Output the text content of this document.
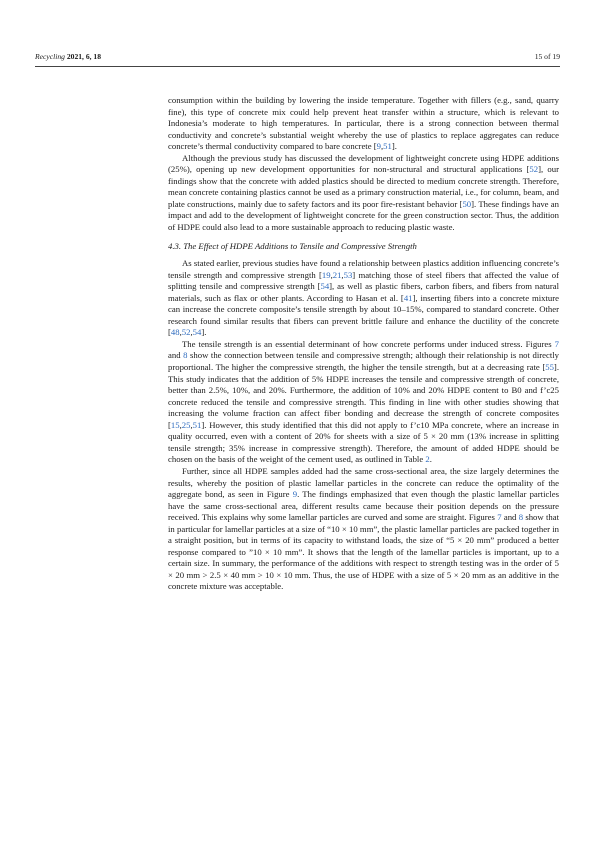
Recycling 2021, 6, 18	15 of 19

consumption within the building by lowering the inside temperature. Together with fillers (e.g., sand, quarry fine), this type of concrete mix could help prevent heat transfer within a structure, which is relevant to Indonesia’s moderate to high temperatures. In particular, there is a strong connection between thermal conductivity and concrete’s substantial weight whereby the use of plastics to replace aggregates can reduce concrete’s thermal conductivity compared to bare concrete [9,51].

Although the previous study has discussed the development of lightweight concrete using HDPE additions (25%), opening up new development opportunities for non-structural and structural applications [52], our findings show that the concrete with added plastics should be directed to medium concrete strength. Therefore, mean concrete containing plastics cannot be used as a primary construction material, i.e., for column, beam, and plate constructions, mainly due to safety factors and its poor fire-resistant behavior [50]. These findings have an impact and add to the development of lightweight concrete for the green construction sector. Thus, the addition of HDPE could also lead to a more sustainable approach to reducing plastic waste.

4.3. The Effect of HDPE Additions to Tensile and Compressive Strength

As stated earlier, previous studies have found a relationship between plastics addition influencing concrete’s tensile strength and compressive strength [19,21,53] matching those of steel fibers that affected the value of splitting tensile and compressive strength [54], as well as plastic fibers, carbon fibers, and fibers from natural materials, such as flax or other plants. According to Hasan et al. [41], inserting fibers into a concrete mixture can increase the concrete composite’s tensile strength by about 10–15%, compared to standard concrete. Other research found similar results that fibers can prevent brittle failure and enhance the ductility of the concrete [48,52,54].

The tensile strength is an essential determinant of how concrete performs under induced stress. Figures 7 and 8 show the connection between tensile and compressive strength; although their relationship is not directly proportional. The higher the compressive strength, the higher the tensile strength, but at a decreasing rate [55]. This study indicates that the addition of 5% HDPE increases the tensile and compressive strength of concrete, better than 2.5%, 10%, and 20%. Furthermore, the addition of 10% and 20% HDPE content to B0 and f’c25 concrete reduced the tensile and compressive strength. This finding in line with other studies showing that increasing the volume fraction can affect fiber bonding and decrease the strength of concrete composites [15,25,51]. However, this study identified that this did not apply to f’c10 MPa concrete, where an increase in quality occurred, even with a content of 20% for sheets with a size of 5 × 20 mm (13% increase in splitting tensile strength; 35% increase in compressive strength). Therefore, the amount of added HDPE should be chosen on the basis of the weight of the cement used, as outlined in Table 2.

Further, since all HDPE samples added had the same cross-sectional area, the size largely determines the results, whereby the position of plastic lamellar particles in the concrete can reduce the optimality of the aggregate bond, as seen in Figure 9. The findings emphasized that even though the plastic lamellar particles have the same cross-sectional area, different results came because their position depends on the pressure received. This explains why some lamellar particles are curved and some are straight. Figures 7 and 8 show that in particular for lamellar particles at a size of “10 × 10 mm”, the plastic lamellar particles are packed together in a straight position, but in terms of its capacity to withstand loads, the size of “5 × 20 mm” produced a better response compared to ”10 × 10 mm”. It shows that the length of the lamellar particles is important, up to a certain size. In summary, the performance of the additions with respect to strength testing was in the order of 5 × 20 mm > 2.5 × 40 mm > 10 × 10 mm. Thus, the use of HDPE with a size of 5 × 20 mm as an additive in the concrete mixture was acceptable.
